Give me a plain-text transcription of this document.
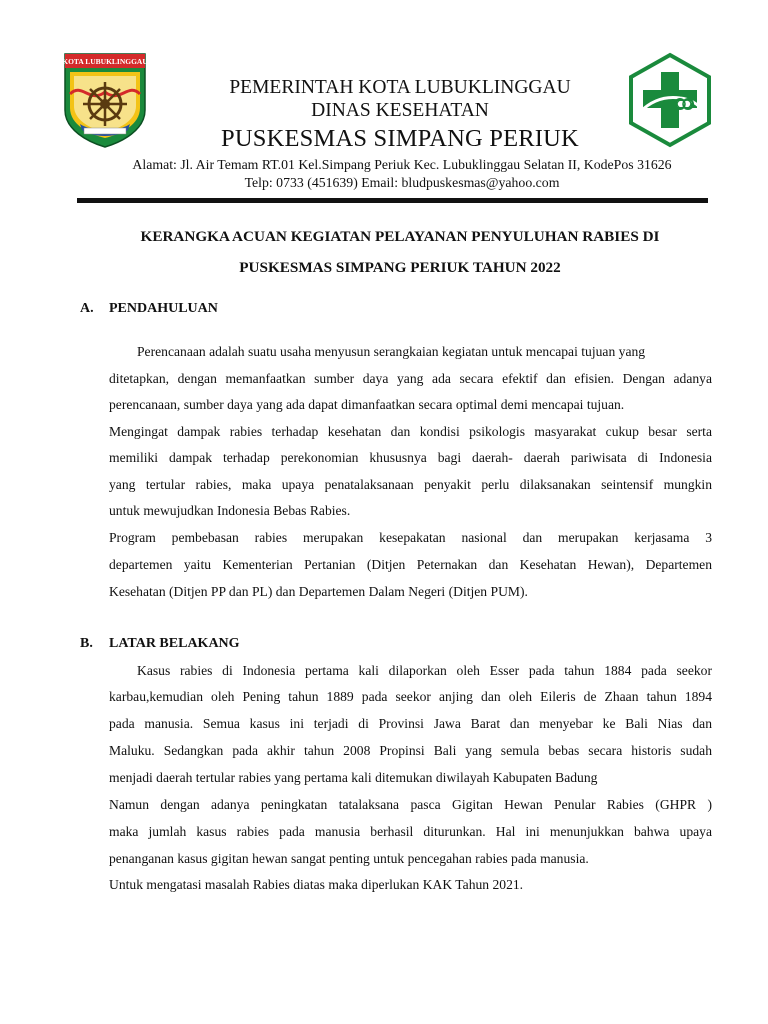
KOTA LUBUKLINGGAU
PEMERINTAH KOTA LUBUKLINGGAU
DINAS KESEHATAN
PUSKESMAS SIMPANG PERIUK
Alamat: Jl. Air Temam RT.01 Kel.Simpang Periuk Kec. Lubuklinggau Selatan II, KodePos 31626
Telp: 0733 (451639) Email: bludpuskesmas@yahoo.com
KERANGKA ACUAN KEGIATAN PELAYANAN PENYULUHAN RABIES DI
PUSKESMAS SIMPANG PERIUK TAHUN 2022
A. PENDAHULUAN
Perencanaan adalah suatu usaha menyusun serangkaian kegiatan untuk mencapai tujuan yang
ditetapkan, dengan memanfaatkan sumber daya yang ada secara efektif dan efisien. Dengan adanya
perencanaan, sumber daya yang ada dapat dimanfaatkan secara optimal demi mencapai tujuan.
Mengingat dampak rabies terhadap kesehatan dan kondisi psikologis masyarakat cukup besar serta
memiliki dampak terhadap perekonomian khususnya bagi daerah- daerah pariwisata di Indonesia
yang tertular rabies, maka upaya penatalaksanaan penyakit perlu dilaksanakan seintensif mungkin
untuk mewujudkan Indonesia Bebas Rabies.
Program pembebasan rabies merupakan kesepakatan nasional dan merupakan kerjasama 3
departemen yaitu Kementerian Pertanian (Ditjen Peternakan dan Kesehatan Hewan), Departemen
Kesehatan (Ditjen PP dan PL) dan Departemen Dalam Negeri (Ditjen PUM).
B. LATAR BELAKANG
Kasus rabies di Indonesia pertama kali dilaporkan oleh Esser pada tahun 1884 pada seekor
karbau,kemudian oleh Pening tahun 1889 pada seekor anjing dan oleh Eileris de Zhaan tahun 1894
pada manusia. Semua kasus ini terjadi di Provinsi Jawa Barat dan menyebar ke Bali Nias dan
Maluku. Sedangkan pada akhir tahun 2008 Propinsi Bali yang semula bebas secara historis sudah
menjadi daerah tertular rabies yang pertama kali ditemukan diwilayah Kabupaten Badung
Namun dengan adanya peningkatan tatalaksana pasca Gigitan Hewan Penular Rabies (GHPR )
maka jumlah kasus rabies pada manusia berhasil diturunkan. Hal ini menunjukkan bahwa upaya
penanganan kasus gigitan hewan sangat penting untuk pencegahan rabies pada manusia.
Untuk mengatasi masalah Rabies diatas maka diperlukan KAK Tahun 2021.
